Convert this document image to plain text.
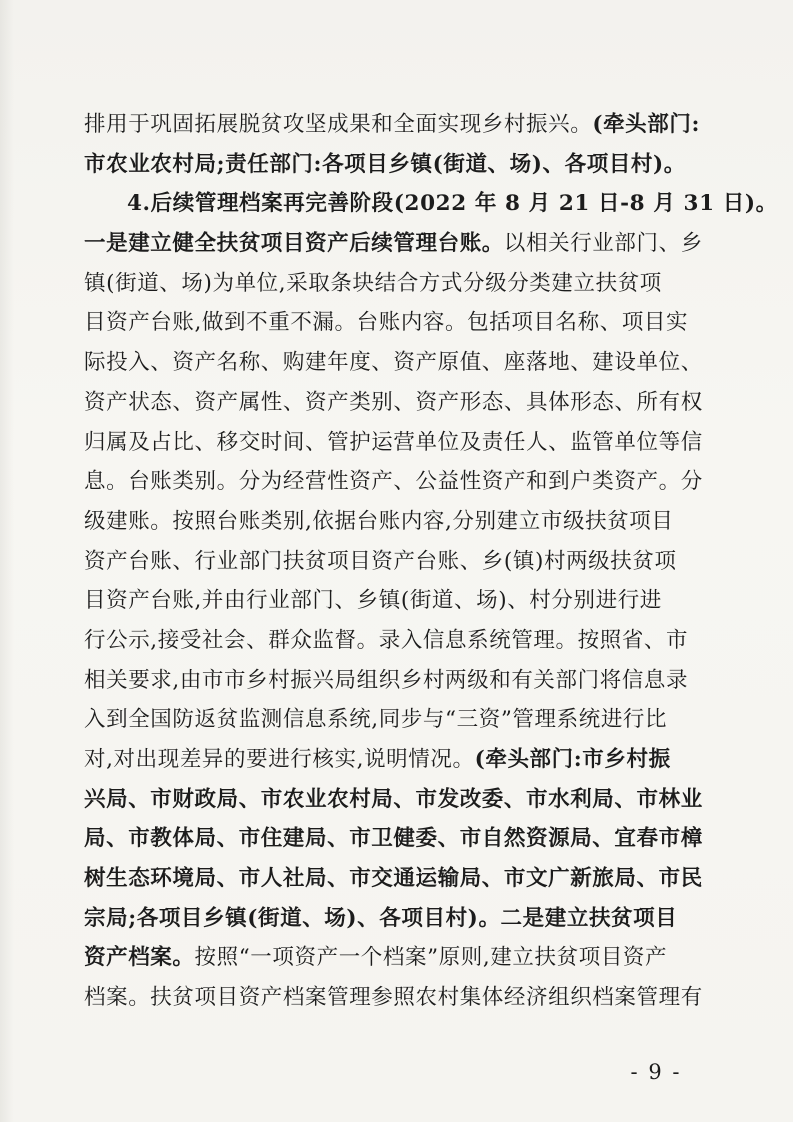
排用于巩固拓展脱贫攻坚成果和全面实现乡村振兴。(牵头部门:
市农业农村局;责任部门:各项目乡镇(街道、场)、各项目村)。
4.后续管理档案再完善阶段(2022 年 8 月 21 日-8 月 31 日)。
一是建立健全扶贫项目资产后续管理台账。以相关行业部门、乡
镇(街道、场)为单位,采取条块结合方式分级分类建立扶贫项
目资产台账,做到不重不漏。台账内容。包括项目名称、项目实
际投入、资产名称、购建年度、资产原值、座落地、建设单位、
资产状态、资产属性、资产类别、资产形态、具体形态、所有权
归属及占比、移交时间、管护运营单位及责任人、监管单位等信
息。台账类别。分为经营性资产、公益性资产和到户类资产。分
级建账。按照台账类别,依据台账内容,分别建立市级扶贫项目
资产台账、行业部门扶贫项目资产台账、乡(镇)村两级扶贫项
目资产台账,并由行业部门、乡镇(街道、场)、村分别进行进
行公示,接受社会、群众监督。录入信息系统管理。按照省、市
相关要求,由市市乡村振兴局组织乡村两级和有关部门将信息录
入到全国防返贫监测信息系统,同步与“三资”管理系统进行比
对,对出现差异的要进行核实,说明情况。(牵头部门:市乡村振
兴局、市财政局、市农业农村局、市发改委、市水利局、市林业
局、市教体局、市住建局、市卫健委、市自然资源局、宜春市樟
树生态环境局、市人社局、市交通运输局、市文广新旅局、市民
宗局;各项目乡镇(街道、场)、各项目村)。二是建立扶贫项目
资产档案。按照“一项资产一个档案”原则,建立扶贫项目资产
档案。扶贫项目资产档案管理参照农村集体经济组织档案管理有
- 9 -
